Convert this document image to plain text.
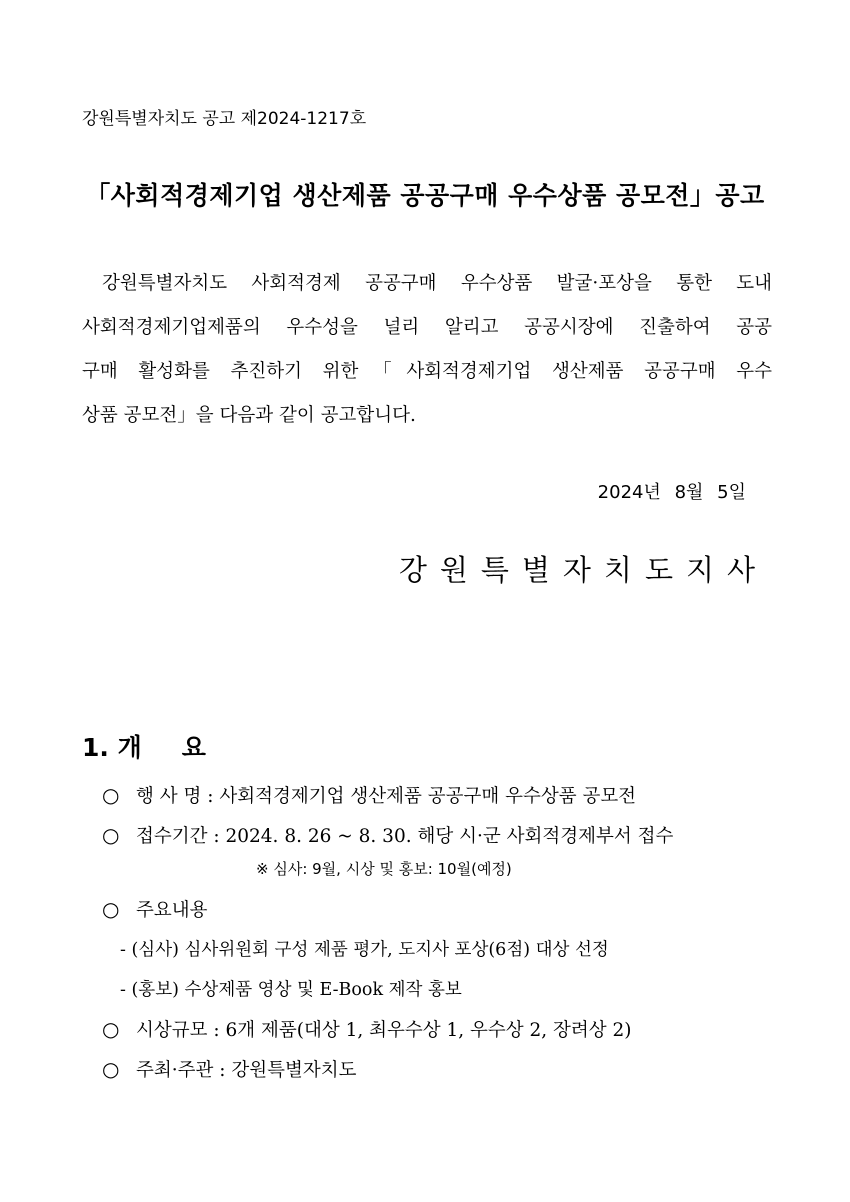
강원특별자치도 공고 제2024-1217호
「사회적경제기업 생산제품 공공구매 우수상품 공모전」공고
강원특별자치도 사회적경제 공공구매 우수상품 발굴·포상을 통한 도내
사회적경제기업제품의 우수성을 널리 알리고 공공시장에 진출하여 공공
구매 활성화를 추진하기 위한「사회적경제기업 생산제품 공공구매 우수
상품 공모전」을 다음과 같이 공고합니다.
2024년 8월 5일
강원특별자치도지사
1. 개 요
○ 행 사 명 : 사회적경제기업 생산제품 공공구매 우수상품 공모전
○ 접수기간 : 2024. 8. 26 ~ 8. 30. 해당 시·군 사회적경제부서 접수
※ 심사: 9월, 시상 및 홍보: 10월(예정)
○ 주요내용
- (심사) 심사위원회 구성 제품 평가, 도지사 포상(6점) 대상 선정
- (홍보) 수상제품 영상 및 E-Book 제작 홍보
○ 시상규모 : 6개 제품(대상 1, 최우수상 1, 우수상 2, 장려상 2)
○ 주최·주관 : 강원특별자치도
